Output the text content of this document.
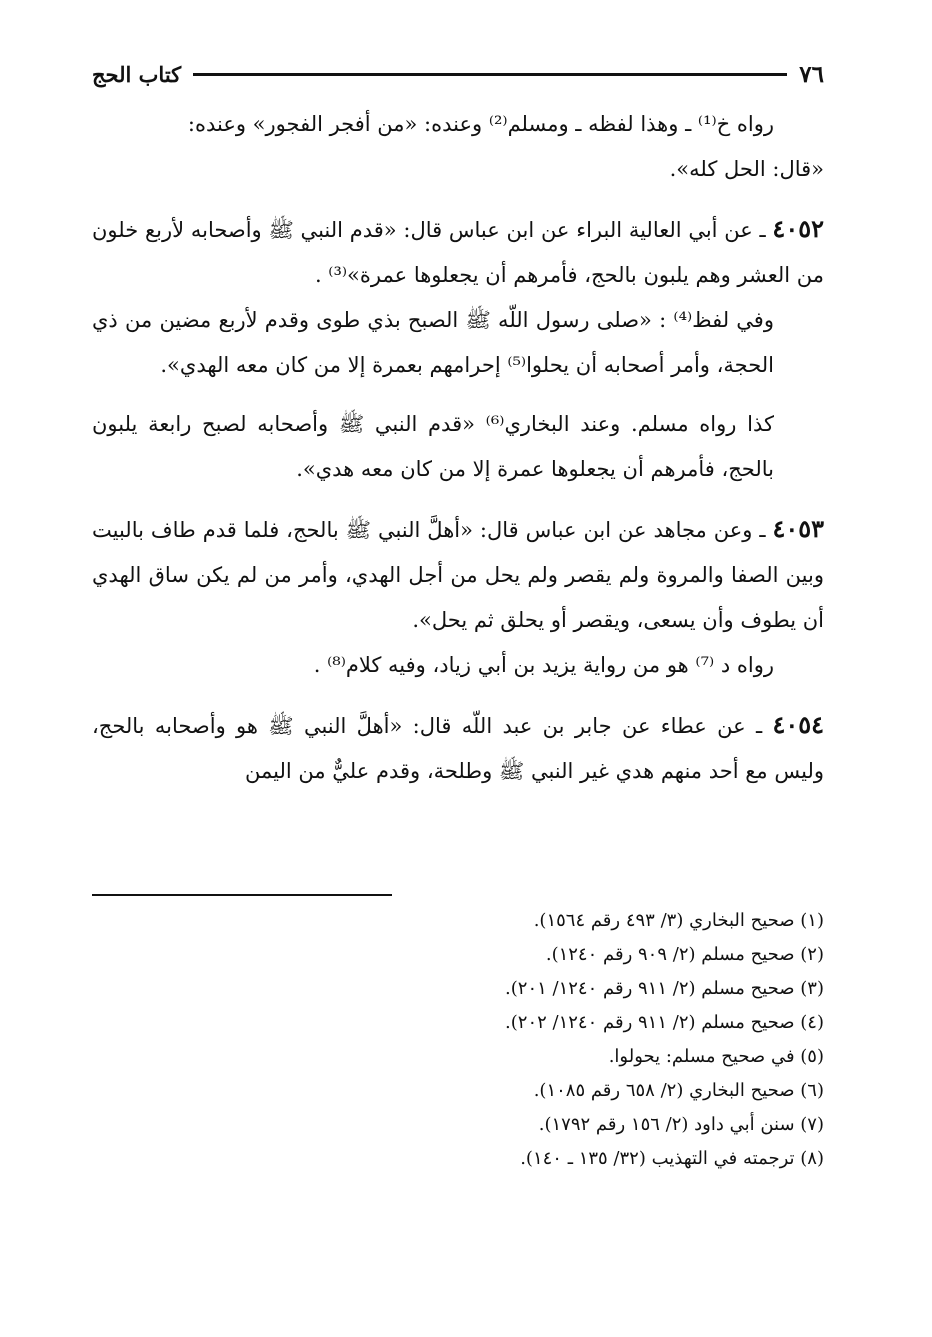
كتاب الحج	٧٦

رواه خ⁽¹⁾ ـ وهذا لفظه ـ ومسلم⁽²⁾ وعنده: «من أفجر الفجور» وعنده:

«قال: الحل كله».

٤٠٥٢ ـ عن أبي العالية البراء عن ابن عباس قال: «قدم النبي ﷺ وأصحابه لأربع خلون من العشر وهم يلبون بالحج، فأمرهم أن يجعلوها عمرة»⁽³⁾ .

وفي لفظ⁽⁴⁾ : «صلى رسول اللّه ﷺ الصبح بذي طوى وقدم لأربع مضين من ذي الحجة، وأمر أصحابه أن يحلوا⁽⁵⁾ إحرامهم بعمرة إلا من كان معه الهدي».

كذا رواه مسلم. وعند البخاري⁽⁶⁾ «قدم النبي ﷺ وأصحابه لصبح رابعة يلبون بالحج، فأمرهم أن يجعلوها عمرة إلا من كان معه هدي».

٤٠٥٣ ـ وعن مجاهد عن ابن عباس قال: «أهلَّ النبي ﷺ بالحج، فلما قدم طاف بالبيت وبين الصفا والمروة ولم يقصر ولم يحل من أجل الهدي، وأمر من لم يكن ساق الهدي أن يطوف وأن يسعى، ويقصر أو يحلق ثم يحل».

رواه د ⁽⁷⁾ هو من رواية يزيد بن أبي زياد، وفيه كلام⁽⁸⁾ .

٤٠٥٤ ـ عن عطاء عن جابر بن عبد اللّه قال: «أهلَّ النبي ﷺ هو وأصحابه بالحج، وليس مع أحد منهم هدي غير النبي ﷺ وطلحة، وقدم عليٌّ من اليمن

(١) صحيح البخاري (٣/ ٤٩٣ رقم ١٥٦٤).

(٢) صحيح مسلم (٢/ ٩٠٩ رقم ١٢٤٠).

(٣) صحيح مسلم (٢/ ٩١١ رقم ١٢٤٠/ ٢٠١).

(٤) صحيح مسلم (٢/ ٩١١ رقم ١٢٤٠/ ٢٠٢).

(٥) في صحيح مسلم: يحولوا.

(٦) صحيح البخاري (٢/ ٦٥٨ رقم ١٠٨٥).

(٧) سنن أبي داود (٢/ ١٥٦ رقم ١٧٩٢).

(٨) ترجمته في التهذيب (٣٢/ ١٣٥ ـ ١٤٠).
